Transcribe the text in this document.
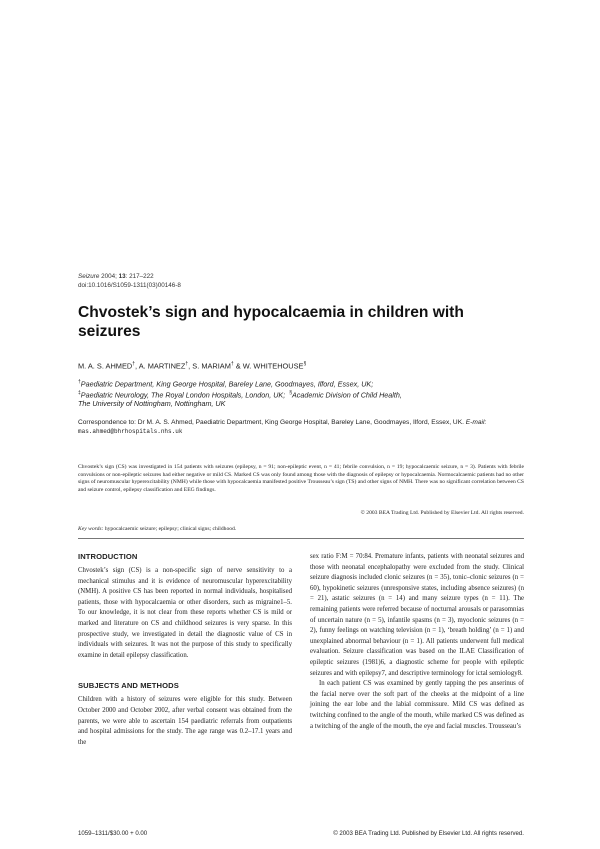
Seizure 2004; 13: 217–222
doi:10.1016/S1059-1311(03)00146-8
Chvostek’s sign and hypocalcaemia in children with seizures
M. A. S. AHMED†, A. MARTINEZ†, S. MARIAM† & W. WHITEHOUSE§
†Paediatric Department, King George Hospital, Bareley Lane, Goodmayes, Ilford, Essex, UK;
‡Paediatric Neurology, The Royal London Hospitals, London, UK; §Academic Division of Child Health,
The University of Nottingham, Nottingham, UK
Correspondence to: Dr M. A. S. Ahmed, Paediatric Department, King George Hospital, Bareley Lane, Goodmayes, Ilford, Essex, UK. E-mail: mas.ahmed@bhrhospitals.nhs.uk

Chvostek’s sign (CS) was investigated in 154 patients with seizures (epilepsy, n = 91; non-epileptic event, n = 41; febrile convulsion, n = 19; hypocalcaemic seizure, n = 3). Patients with febrile convulsions or non-epileptic seizures had either negative or mild CS. Marked CS was only found among those with the diagnosis of epilepsy or hypocalcaemia. Normocalcaemic patients had no other signs of neuromuscular hyperexcitability (NMH) while those with hypocalcaemia manifested positive Trousseau’s sign (TS) and other signs of NMH. There was no significant correlation between CS and seizure control, epilepsy classification and EEG findings.

© 2003 BEA Trading Ltd. Published by Elsevier Ltd. All rights reserved.
Key words: hypocalcaemic seizure; epilepsy; clinical signs; childhood.
INTRODUCTION

Chvostek’s sign (CS) is a non-specific sign of nerve sensitivity to a mechanical stimulus and it is evidence of neuromuscular hyperexcitability (NMH). A positive CS has been reported in normal individuals, hospitalised patients, those with hypocalcaemia or other disorders, such as migraine1–5. To our knowledge, it is not clear from these reports whether CS is mild or marked and literature on CS and childhood seizures is very sparse. In this prospective study, we investigated in detail the diagnostic value of CS in individuals with seizures. It was not the purpose of this study to specifically examine in detail epilepsy classification.

SUBJECTS AND METHODS

Children with a history of seizures were eligible for this study. Between October 2000 and October 2002, after verbal consent was obtained from the parents, we were able to ascertain 154 paediatric referrals from outpatients and hospital admissions for the study. The age range was 0.2–17.1 years and the

sex ratio F:M = 70:84. Premature infants, patients with neonatal seizures and those with neonatal encephalopathy were excluded from the study. Clinical seizure diagnosis included clonic seizures (n = 35), tonic–clonic seizures (n = 60), hypokinetic seizures (unresponsive states, including absence seizures) (n = 21), astatic seizures (n = 14) and many seizure types (n = 11). The remaining patients were referred because of nocturnal arousals or parasomnias of uncertain nature (n = 5), infantile spasms (n = 3), myoclonic seizures (n = 2), funny feelings on watching television (n = 1), ‘breath holding’ (n = 1) and unexplained abnormal behaviour (n = 1). All patients underwent full medical evaluation. Seizure classification was based on the ILAE Classification of epileptic seizures (1981)6, a diagnostic scheme for people with epileptic seizures and with epilepsy7, and descriptive terminology for ictal semiology8.

In each patient CS was examined by gently tapping the pes anserinus of the facial nerve over the soft part of the cheeks at the midpoint of a line joining the ear lobe and the labial commissure. Mild CS was defined as twitching confined to the angle of the mouth, while marked CS was defined as a twitching of the angle of the mouth, the eye and facial muscles. Trousseau’s

1059–1311/$30.00 + 0.00	© 2003 BEA Trading Ltd. Published by Elsevier Ltd. All rights reserved.
